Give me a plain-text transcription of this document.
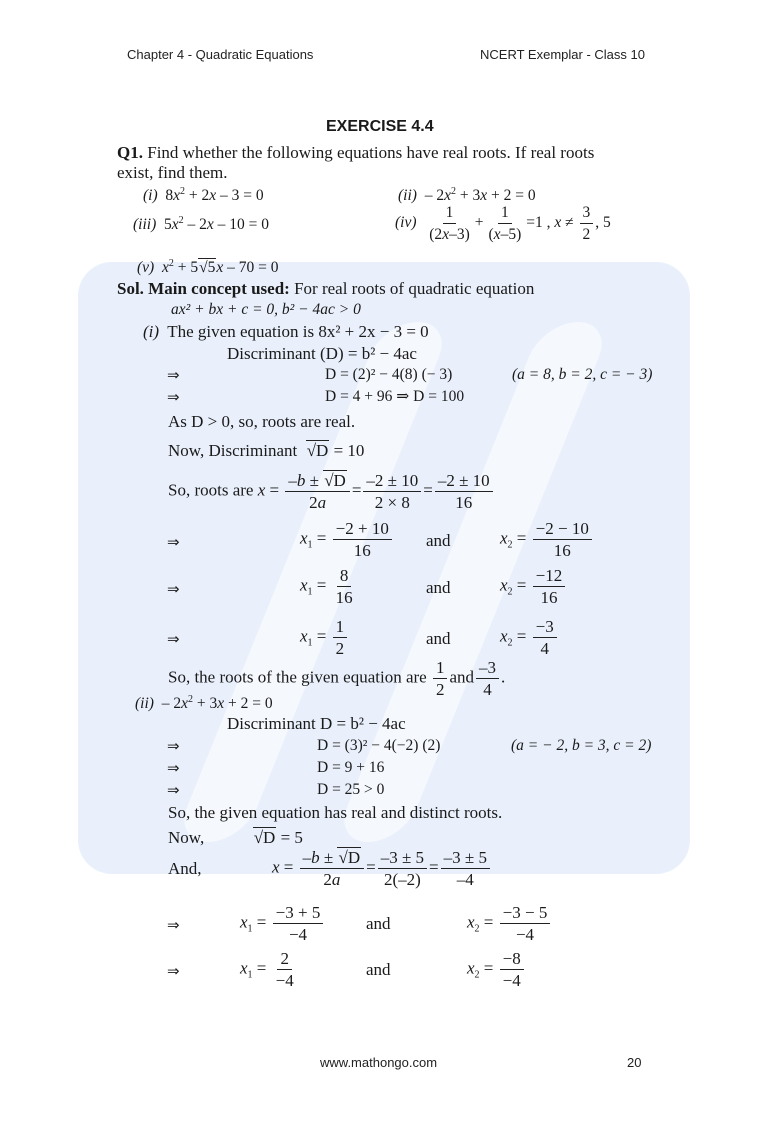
Chapter 4 - Quadratic Equations	NCERT Exemplar - Class 10
EXERCISE 4.4
Q1. Find whether the following equations have real roots. If real roots
exist, find them.
(i)  $8x^2 + 2x - 3 = 0$	$(ii) - 2x^2 + 3x + 2 = 0$
(iii)  $5x^2 - 2x - 10 = 0$	$(iv) \frac{1}{(2x-3)} + \frac{1}{(x-5)} =1$ , $x \ne \frac{3}{2}$ , 5
(v) $x^2 + 5√5x - 70 = 0$
Sol. Main concept used: For real roots of quadratic equation
ax² + bx + c = 0, b² − 4ac > 0
(i) The given equation is 8x² + 2x − 3 = 0
Discriminant (D) = b² − 4ac
⇒	D = (2)² − 4(8) (− 3)	(a = 8, b = 2, c = − 3)
⇒	D = 4 + 96 ⇒ D = 100
As D > 0, so, roots are real.
Now, Discriminant √D = 10
So, roots are $x = \frac{-b \pm √D}{2a} = \frac{-2 \pm 10}{2 \times 8} = \frac{-2 \pm 10}{16}$
⇒	$x_1 = \frac{-2 + 10}{16}$ and	$x_2 = \frac{-2 - 10}{16}$
⇒	$x_1 = \frac{8}{16}$	and	$x_2 = \frac{-12}{16}$
⇒	$x_1 = \frac{1}{2}$	and	$x_2 = \frac{-3}{4}$
So, the roots of the given equation are $\frac{1}{2}$ and $\frac{-3}{4}$ .
$(ii) - 2x^2 + 3x + 2 = 0$
Discriminant D = b² − 4ac
⇒	D = (3)² − 4(−2) (2)	(a = − 2, b = 3, c = 2)
⇒	D = 9 + 16
⇒	D = 25 > 0
So, the given equation has real and distinct roots.
Now,	√D = 5
And,	$x = \frac{-b \pm √D}{2a} = \frac{-3 \pm 5}{2(-2)} = \frac{-3 \pm 5}{-4}$
⇒	$x_1 = \frac{-3 + 5}{-4}$	and	$x_2 = \frac{-3 - 5}{-4}$
⇒	$x_1 = \frac{2}{-4}$	and	$x_2 = \frac{-8}{-4}$
www.mathongo.com	20
